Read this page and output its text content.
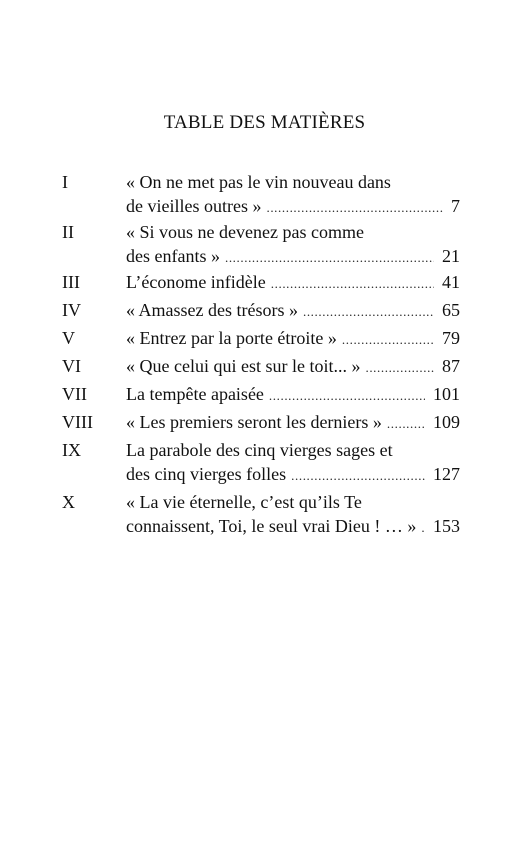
TABLE DES MATIÈRES
I	« On ne met pas le vin nouveau dans
de vieilles outres » .....	7
II	« Si vous ne devenez pas comme
des enfants » .....	21
III	L’économe infidèle .....	41
IV	« Amassez des trésors » .....	65
V	« Entrez par la porte étroite » .....	79
VI	« Que celui qui est sur le toit... » .....	87
VII La tempête apaisée .....	101
VIII « Les premiers seront les derniers » .....	109
IX	La parabole des cinq vierges sages et
des cinq vierges folles .....	127
X	« La vie éternelle, c’est qu’ils Te
connaissent, Toi, le seul vrai Dieu ! … » ..... 153
